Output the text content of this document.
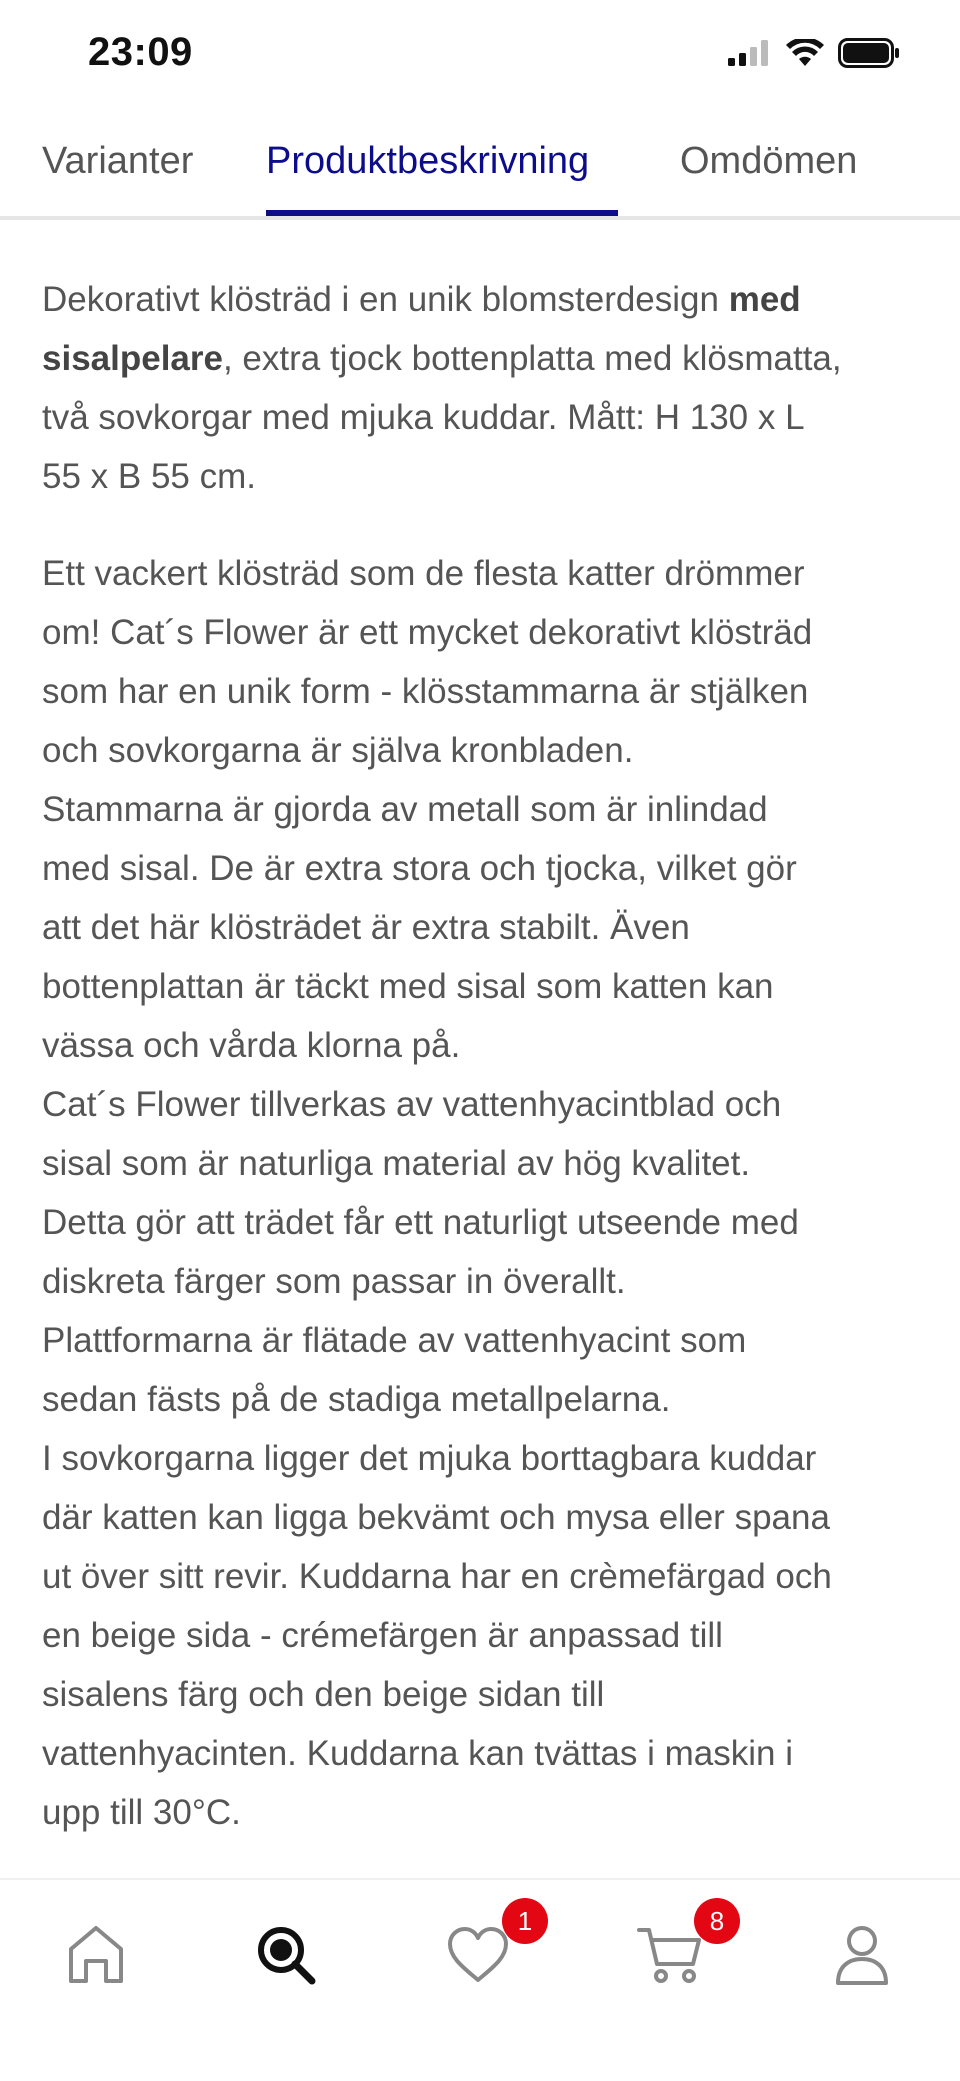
23:09
Varianter Produktbeskrivning Omdömen

Dekorativt klösträd i en unik blomsterdesign med
sisalpelare, extra tjock bottenplatta med klösmatta,
två sovkorgar med mjuka kuddar. Mått: H 130 x L
55 x B 55 cm.

Ett vackert klösträd som de flesta katter drömmer
om! Cat´s Flower är ett mycket dekorativt klösträd
som har en unik form - klösstammarna är stjälken
och sovkorgarna är själva kronbladen.
Stammarna är gjorda av metall som är inlindad
med sisal. De är extra stora och tjocka, vilket gör
att det här klösträdet är extra stabilt. Även
bottenplattan är täckt med sisal som katten kan
vässa och vårda klorna på.
Cat´s Flower tillverkas av vattenhyacintblad och
sisal som är naturliga material av hög kvalitet.
Detta gör att trädet får ett naturligt utseende med
diskreta färger som passar in överallt.
Plattformarna är flätade av vattenhyacint som
sedan fästs på de stadiga metallpelarna.
I sovkorgarna ligger det mjuka borttagbara kuddar
där katten kan ligga bekvämt och mysa eller spana
ut över sitt revir. Kuddarna har en crèmefärgad och
en beige sida - crémefärgen är anpassad till
sisalens färg och den beige sidan till
vattenhyacinten. Kuddarna kan tvättas i maskin i
upp till 30°C.

1	8
